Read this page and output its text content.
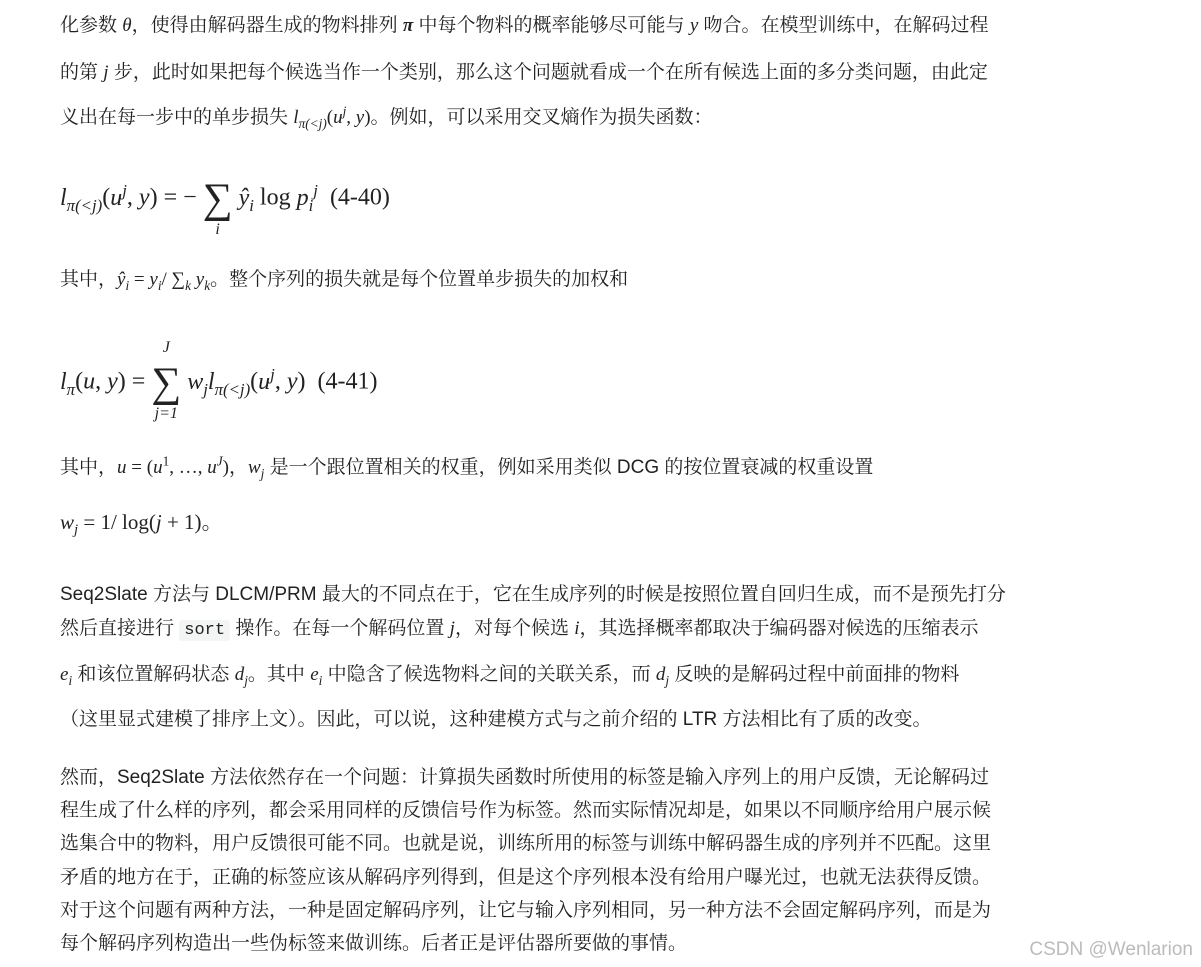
化参数 θ，使得由解码器生成的物料排列 π 中每个物料的概率能够尽可能与 y 吻合。在模型训练中，在解码过程
的第 j 步，此时如果把每个候选当作一个类别，那么这个问题就看成一个在所有候选上面的多分类问题，由此定
义出在每一步中的单步损失 $l_{\pi(<j)}(u^j$, y)。例如，可以采用交叉熵作为损失函数：
$l_{\pi(<j)}(u^j$, y) = − ∑
i
$ŷ_i$ $\log p_i^j$ (4-40)
其中，$ŷ_i = y_i/$ $\sum_k$ $y_k$。整个序列的损失就是每个位置单步损失的加权和
$l_\pi(u$, y) = ∑
J
j=1
$w_jl_{\pi(<j)}(u^j$, y)  (4-41)
其中，$u = (u^1$, …, $u^J$)，$w_j$ 是一个跟位置相关的权重，例如采用类似 DCG 的按位置衰减的权重设置
$w_j = 1/$ log(j + 1)。
Seq2Slate 方法与 DLCM/PRM 最大的不同点在于，它在生成序列的时候是按照位置自回归生成，而不是预先打分
然后直接进行 sort 操作。在每一个解码位置 j，对每个候选 i，其选择概率都取决于编码器对候选的压缩表示
$e_i$ 和该位置解码状态 $d_j$。其中 $e_i$ 中隐含了候选物料之间的关联关系，而 $d_j$ 反映的是解码过程中前面排的物料
（这里显式建模了排序上文）。因此，可以说，这种建模方式与之前介绍的 LTR 方法相比有了质的改变。
然而，Seq2Slate 方法依然存在一个问题：计算损失函数时所使用的标签是输入序列上的用户反馈，无论解码过
程生成了什么样的序列，都会采用同样的反馈信号作为标签。然而实际情况却是，如果以不同顺序给用户展示候
选集合中的物料，用户反馈很可能不同。也就是说，训练所用的标签与训练中解码器生成的序列并不匹配。这里
矛盾的地方在于，正确的标签应该从解码序列得到，但是这个序列根本没有给用户曝光过，也就无法获得反馈。
对于这个问题有两种方法，一种是固定解码序列，让它与输入序列相同，另一种方法不会固定解码序列，而是为
每个解码序列构造出一些伪标签来做训练。后者正是评估器所要做的事情。	CSDN @Wenlarion
